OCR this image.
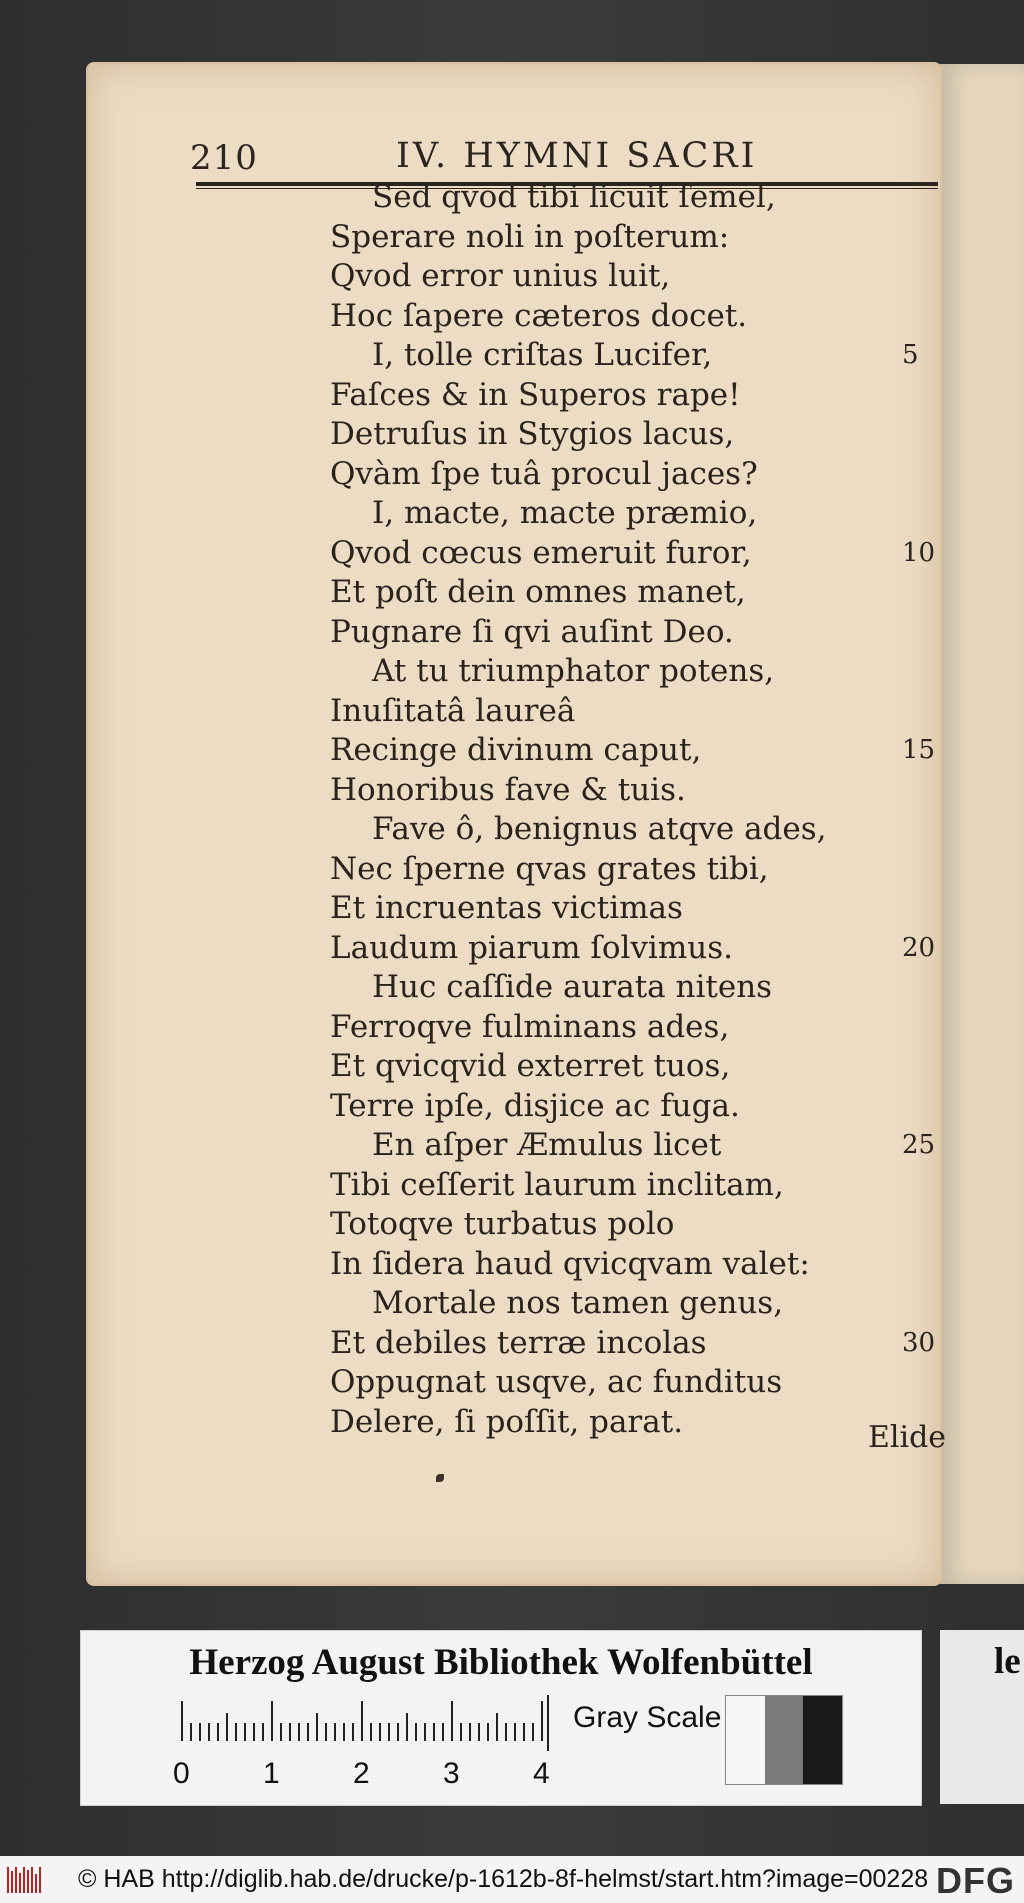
210	IV. HYMNI SACRI
Sed qvod tibi licuit ſemel,
Sperare noli in poſterum:
Qvod error unius luit,
Hoc ſapere cæteros docet.
I, tolle criſtas Lucifer,
Faſces & in Superos rape!
Detruſus in Stygios lacus,
Qvàm ſpe tuâ procul jaces?
I, macte, macte præmio,
Qvod cœcus emeruit furor,
Et poſt dein omnes manet,
Pugnare ſi qvi auſint Deo.
At tu triumphator potens,
Inuſitatâ laureâ
Recinge divinum caput,
Honoribus fave & tuis.
Fave ô, benignus atqve ades,
Nec ſperne qvas grates tibi,
Et incruentas victimas
Laudum piarum ſolvimus.
Huc caſſide aurata nitens
Ferroqve fulminans ades,
Et qvicqvid exterret tuos,
Terre ipſe, disjice ac fuga.
En aſper Æmulus licet
Tibi ceſſerit laurum inclitam,
Totoqve turbatus polo
In ſidera haud qvicqvam valet:
Mortale nos tamen genus,
Et debiles terræ incolas
Oppugnat usqve, ac funditus
Delere, ſi poſſit, parat.
5
10
15
20
25
30
Elide
Herzog August Bibliothek Wolfenbüttel
0 1 2 3 4
Gray Scale
le
© HAB http://diglib.hab.de/drucke/p-1612b-8f-helmst/start.htm?image=00228 DFG
